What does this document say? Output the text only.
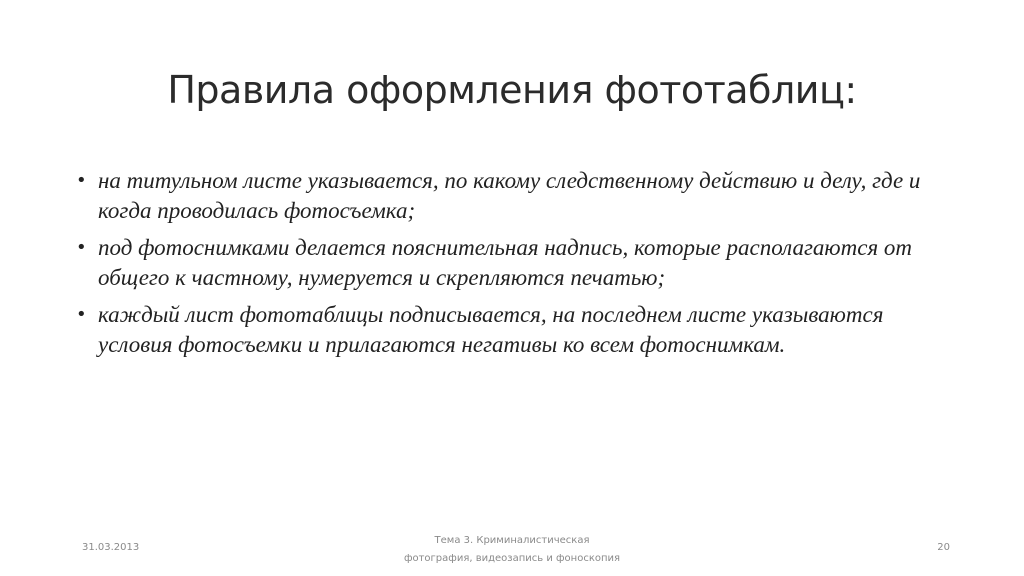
Правила оформления фототаблиц:
• на титульном листе указывается, по какому следственному действию и делу, где и когда проводилась фотосъемка;
• под фотоснимками делается пояснительная надпись, которые располагаются от общего к частному, нумеруется и скрепляются печатью;
• каждый лист фототаблицы подписывается, на последнем листе указываются условия фотосъемки и прилагаются негативы ко всем фотоснимкам.
31.03.2013
Тема 3. Криминалистическая
фотография, видеозапись и фоноскопия
20
